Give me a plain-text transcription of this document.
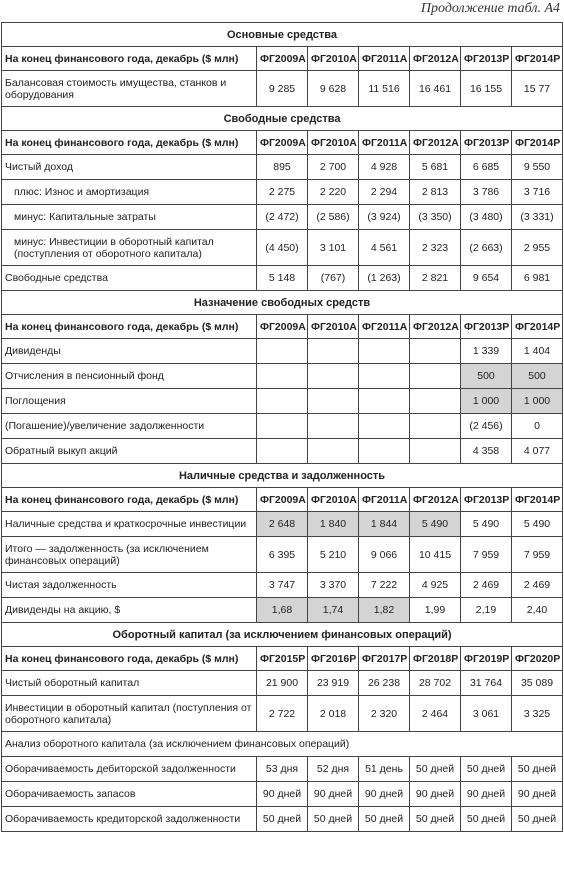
Продолжение табл. А4
Основные средства						
На конец финансового года, декабрь ($ млн)	ФГ2009А	ФГ2010А	ФГ2011А	ФГ2012А	ФГ2013Р	ФГ2014Р
Балансовая стоимость имущества, станков и оборудования	9 285	9 628	11 516	16 461	16 155	15 77
Свободные средства						
На конец финансового года, декабрь ($ млн)	ФГ2009А	ФГ2010А	ФГ2011А	ФГ2012А	ФГ2013Р	ФГ2014Р
Чистый доход	895	2 700	4 928	5 681	6 685	9 550
плюс: Износ и амортизация	2 275	2 220	2 294	2 813	3 786	3 716
минус: Капитальные затраты	(2 472)	(2 586)	(3 924)	(3 350)	(3 480)	(3 331)
минус: Инвестиции в оборотный капитал (поступления от оборотного капитала)	(4 450)	3 101	4 561	2 323	(2 663)	2 955
Свободные средства	5 148	(767)	(1 263)	2 821	9 654	6 981
Назначение свободных средств						
На конец финансового года, декабрь ($ млн)	ФГ2009А	ФГ2010А	ФГ2011А	ФГ2012А	ФГ2013Р	ФГ2014Р
Дивиденды					1 339	1 404
Отчисления в пенсионный фонд					500	500
Поглощения					1 000	1 000
(Погашение)/увеличение задолженности					(2 456)	0
Обратный выкуп акций					4 358	4 077
Наличные средства и задолженность						
На конец финансового года, декабрь ($ млн)	ФГ2009А	ФГ2010А	ФГ2011А	ФГ2012А	ФГ2013Р	ФГ2014Р
Наличные средства и краткосрочные инвестиции	2 648	1 840	1 844	5 490	5 490	5 490
Итого — задолженность (за исключением финансовых операций)	6 395	5 210	9 066	10 415	7 959	7 959
Чистая задолженность	3 747	3 370	7 222	4 925	2 469	2 469
Дивиденды на акцию, $	1,68	1,74	1,82	1,99	2,19	2,40
Оборотный капитал (за исключением финансовых операций)						
На конец финансового года, декабрь ($ млн)	ФГ2015Р	ФГ2016Р	ФГ2017Р	ФГ2018Р	ФГ2019Р	ФГ2020Р
Чистый оборотный капитал	21 900	23 919	26 238	28 702	31 764	35 089
Инвестиции в оборотный капитал (поступления от оборотного капитала)	2 722	2 018	2 320	2 464	3 061	3 325
Анализ оборотного капитала (за исключением финансовых операций)						
Оборачиваемость дебиторской задолженности	53 дня	52 дня	51 день	50 дней	50 дней	50 дней
Оборачиваемость запасов	90 дней	90 дней	90 дней	90 дней	90 дней	90 дней
Оборачиваемость кредиторской задолженности	50 дней	50 дней	50 дней	50 дней	50 дней	50 дней
